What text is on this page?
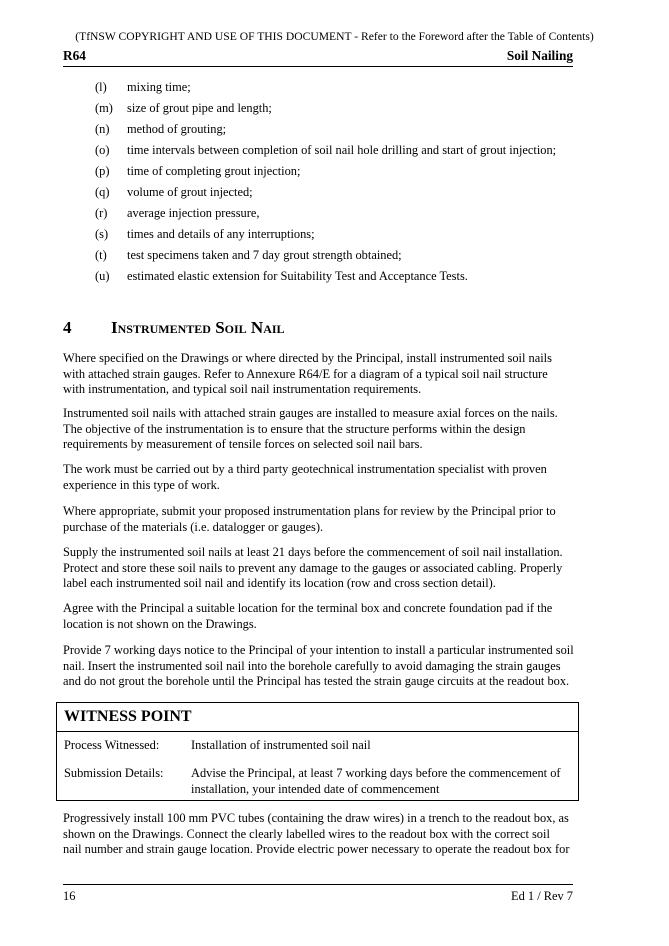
(TfNSW COPYRIGHT AND USE OF THIS DOCUMENT - Refer to the Foreword after the Table of Contents)
R64	Soil Nailing
(l) mixing time;
(m) size of grout pipe and length;
(n) method of grouting;
(o) time intervals between completion of soil nail hole drilling and start of grout injection;
(p) time of completing grout injection;
(q) volume of grout injected;
(r) average injection pressure,
(s) times and details of any interruptions;
(t) test specimens taken and 7 day grout strength obtained;
(u) estimated elastic extension for Suitability Test and Acceptance Tests.
4 Instrumented Soil Nail
Where specified on the Drawings or where directed by the Principal, install instrumented soil nails
with attached strain gauges. Refer to Annexure R64/E for a diagram of a typical soil nail structure
with instrumentation, and typical soil nail instrumentation requirements.
Instrumented soil nails with attached strain gauges are installed to measure axial forces on the nails.
The objective of the instrumentation is to ensure that the structure performs within the design
requirements by measurement of tensile forces on selected soil nail bars.
The work must be carried out by a third party geotechnical instrumentation specialist with proven
experience in this type of work.
Where appropriate, submit your proposed instrumentation plans for review by the Principal prior to
purchase of the materials (i.e. datalogger or gauges).
Supply the instrumented soil nails at least 21 days before the commencement of soil nail installation.
Protect and store these soil nails to prevent any damage to the gauges or associated cabling. Properly
label each instrumented soil nail and identify its location (row and cross section detail).
Agree with the Principal a suitable location for the terminal box and concrete foundation pad if the
location is not shown on the Drawings.
Provide 7 working days notice to the Principal of your intention to install a particular instrumented soil
nail. Insert the instrumented soil nail into the borehole carefully to avoid damaging the strain gauges
and do not grout the borehole until the Principal has tested the strain gauge circuits at the readout box.
WITNESS POINT
Process Witnessed:	Installation of instrumented soil nail
Submission Details: Advise the Principal, at least 7 working days before the commencement of
installation, your intended date of commencement
Progressively install 100 mm PVC tubes (containing the draw wires) in a trench to the readout box, as
shown on the Drawings. Connect the clearly labelled wires to the readout box with the correct soil
nail number and strain gauge location. Provide electric power necessary to operate the readout box for
16	Ed 1 / Rev 7
